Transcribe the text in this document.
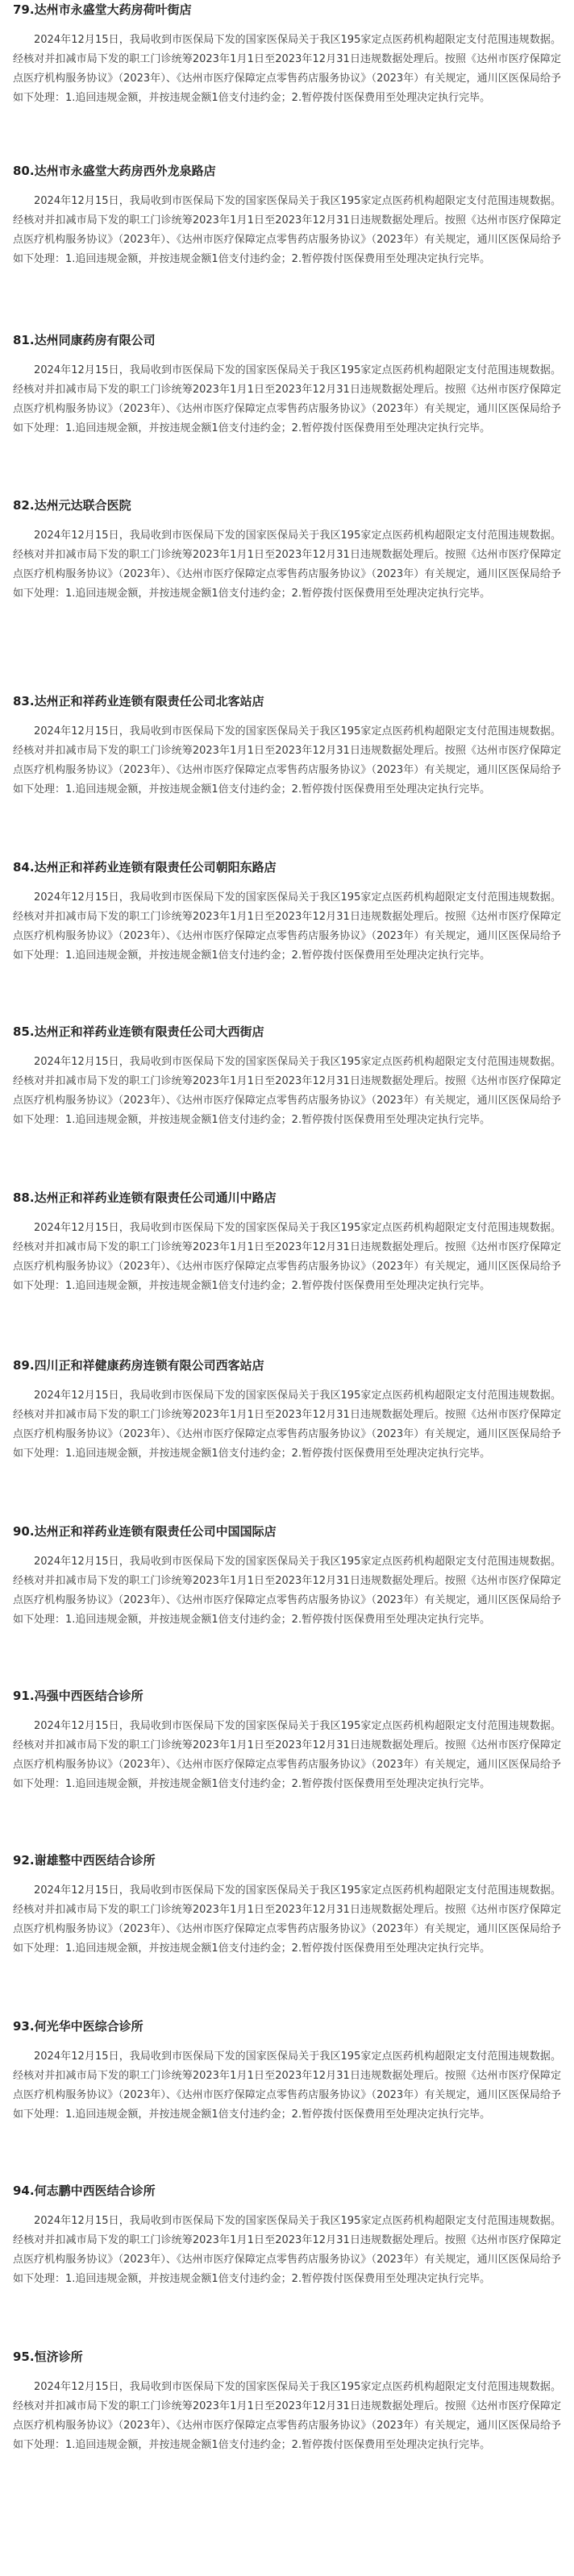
79.达州市永盛堂大药房荷叶街店

2024年12月15日，我局收到市医保局下发的国家医保局关于我区195家定点医药机构超限定支付范围违规数据。经核对并扣减市局下发的职工门诊统筹2023年1月1日至2023年12月31日违规数据处理后。按照《达州市医疗保障定点医疗机构服务协议》（2023年）、《达州市医疗保障定点零售药店服务协议》（2023年）有关规定，通川区医保局给予如下处理：1.追回违规金额，并按违规金额1倍支付违约金；2.暂停拨付医保费用至处理决定执行完毕。

80.达州市永盛堂大药房西外龙泉路店

2024年12月15日，我局收到市医保局下发的国家医保局关于我区195家定点医药机构超限定支付范围违规数据。经核对并扣减市局下发的职工门诊统筹2023年1月1日至2023年12月31日违规数据处理后。按照《达州市医疗保障定点医疗机构服务协议》（2023年）、《达州市医疗保障定点零售药店服务协议》（2023年）有关规定，通川区医保局给予如下处理：1.追回违规金额，并按违规金额1倍支付违约金；2.暂停拨付医保费用至处理决定执行完毕。

81.达州同康药房有限公司

2024年12月15日，我局收到市医保局下发的国家医保局关于我区195家定点医药机构超限定支付范围违规数据。经核对并扣减市局下发的职工门诊统筹2023年1月1日至2023年12月31日违规数据处理后。按照《达州市医疗保障定点医疗机构服务协议》（2023年）、《达州市医疗保障定点零售药店服务协议》（2023年）有关规定，通川区医保局给予如下处理：1.追回违规金额，并按违规金额1倍支付违约金；2.暂停拨付医保费用至处理决定执行完毕。

82.达州元达联合医院

2024年12月15日，我局收到市医保局下发的国家医保局关于我区195家定点医药机构超限定支付范围违规数据。经核对并扣减市局下发的职工门诊统筹2023年1月1日至2023年12月31日违规数据处理后。按照《达州市医疗保障定点医疗机构服务协议》（2023年）、《达州市医疗保障定点零售药店服务协议》（2023年）有关规定，通川区医保局给予如下处理：1.追回违规金额，并按违规金额1倍支付违约金；2.暂停拨付医保费用至处理决定执行完毕。

83.达州正和祥药业连锁有限责任公司北客站店

2024年12月15日，我局收到市医保局下发的国家医保局关于我区195家定点医药机构超限定支付范围违规数据。经核对并扣减市局下发的职工门诊统筹2023年1月1日至2023年12月31日违规数据处理后。按照《达州市医疗保障定点医疗机构服务协议》（2023年）、《达州市医疗保障定点零售药店服务协议》（2023年）有关规定，通川区医保局给予如下处理：1.追回违规金额，并按违规金额1倍支付违约金；2.暂停拨付医保费用至处理决定执行完毕。

84.达州正和祥药业连锁有限责任公司朝阳东路店

2024年12月15日，我局收到市医保局下发的国家医保局关于我区195家定点医药机构超限定支付范围违规数据。经核对并扣减市局下发的职工门诊统筹2023年1月1日至2023年12月31日违规数据处理后。按照《达州市医疗保障定点医疗机构服务协议》（2023年）、《达州市医疗保障定点零售药店服务协议》（2023年）有关规定，通川区医保局给予如下处理：1.追回违规金额，并按违规金额1倍支付违约金；2.暂停拨付医保费用至处理决定执行完毕。

85.达州正和祥药业连锁有限责任公司大西街店

2024年12月15日，我局收到市医保局下发的国家医保局关于我区195家定点医药机构超限定支付范围违规数据。经核对并扣减市局下发的职工门诊统筹2023年1月1日至2023年12月31日违规数据处理后。按照《达州市医疗保障定点医疗机构服务协议》（2023年）、《达州市医疗保障定点零售药店服务协议》（2023年）有关规定，通川区医保局给予如下处理：1.追回违规金额，并按违规金额1倍支付违约金；2.暂停拨付医保费用至处理决定执行完毕。

88.达州正和祥药业连锁有限责任公司通川中路店

2024年12月15日，我局收到市医保局下发的国家医保局关于我区195家定点医药机构超限定支付范围违规数据。经核对并扣减市局下发的职工门诊统筹2023年1月1日至2023年12月31日违规数据处理后。按照《达州市医疗保障定点医疗机构服务协议》（2023年）、《达州市医疗保障定点零售药店服务协议》（2023年）有关规定，通川区医保局给予如下处理：1.追回违规金额，并按违规金额1倍支付违约金；2.暂停拨付医保费用至处理决定执行完毕。

89.四川正和祥健康药房连锁有限公司西客站店

2024年12月15日，我局收到市医保局下发的国家医保局关于我区195家定点医药机构超限定支付范围违规数据。经核对并扣减市局下发的职工门诊统筹2023年1月1日至2023年12月31日违规数据处理后。按照《达州市医疗保障定点医疗机构服务协议》（2023年）、《达州市医疗保障定点零售药店服务协议》（2023年）有关规定，通川区医保局给予如下处理：1.追回违规金额，并按违规金额1倍支付违约金；2.暂停拨付医保费用至处理决定执行完毕。

90.达州正和祥药业连锁有限责任公司中国国际店

2024年12月15日，我局收到市医保局下发的国家医保局关于我区195家定点医药机构超限定支付范围违规数据。经核对并扣减市局下发的职工门诊统筹2023年1月1日至2023年12月31日违规数据处理后。按照《达州市医疗保障定点医疗机构服务协议》（2023年）、《达州市医疗保障定点零售药店服务协议》（2023年）有关规定，通川区医保局给予如下处理：1.追回违规金额，并按违规金额1倍支付违约金；2.暂停拨付医保费用至处理决定执行完毕。

91.冯强中西医结合诊所

2024年12月15日，我局收到市医保局下发的国家医保局关于我区195家定点医药机构超限定支付范围违规数据。经核对并扣减市局下发的职工门诊统筹2023年1月1日至2023年12月31日违规数据处理后。按照《达州市医疗保障定点医疗机构服务协议》（2023年）、《达州市医疗保障定点零售药店服务协议》（2023年）有关规定，通川区医保局给予如下处理：1.追回违规金额，并按违规金额1倍支付违约金；2.暂停拨付医保费用至处理决定执行完毕。

92.谢雄整中西医结合诊所

2024年12月15日，我局收到市医保局下发的国家医保局关于我区195家定点医药机构超限定支付范围违规数据。经核对并扣减市局下发的职工门诊统筹2023年1月1日至2023年12月31日违规数据处理后。按照《达州市医疗保障定点医疗机构服务协议》（2023年）、《达州市医疗保障定点零售药店服务协议》（2023年）有关规定，通川区医保局给予如下处理：1.追回违规金额，并按违规金额1倍支付违约金；2.暂停拨付医保费用至处理决定执行完毕。

93.何光华中医综合诊所

2024年12月15日，我局收到市医保局下发的国家医保局关于我区195家定点医药机构超限定支付范围违规数据。经核对并扣减市局下发的职工门诊统筹2023年1月1日至2023年12月31日违规数据处理后。按照《达州市医疗保障定点医疗机构服务协议》（2023年）、《达州市医疗保障定点零售药店服务协议》（2023年）有关规定，通川区医保局给予如下处理：1.追回违规金额，并按违规金额1倍支付违约金；2.暂停拨付医保费用至处理决定执行完毕。

94.何志鹏中西医结合诊所

2024年12月15日，我局收到市医保局下发的国家医保局关于我区195家定点医药机构超限定支付范围违规数据。经核对并扣减市局下发的职工门诊统筹2023年1月1日至2023年12月31日违规数据处理后。按照《达州市医疗保障定点医疗机构服务协议》（2023年）、《达州市医疗保障定点零售药店服务协议》（2023年）有关规定，通川区医保局给予如下处理：1.追回违规金额，并按违规金额1倍支付违约金；2.暂停拨付医保费用至处理决定执行完毕。

95.恒济诊所

2024年12月15日，我局收到市医保局下发的国家医保局关于我区195家定点医药机构超限定支付范围违规数据。经核对并扣减市局下发的职工门诊统筹2023年1月1日至2023年12月31日违规数据处理后。按照《达州市医疗保障定点医疗机构服务协议》（2023年）、《达州市医疗保障定点零售药店服务协议》（2023年）有关规定，通川区医保局给予如下处理：1.追回违规金额，并按违规金额1倍支付违约金；2.暂停拨付医保费用至处理决定执行完毕。
